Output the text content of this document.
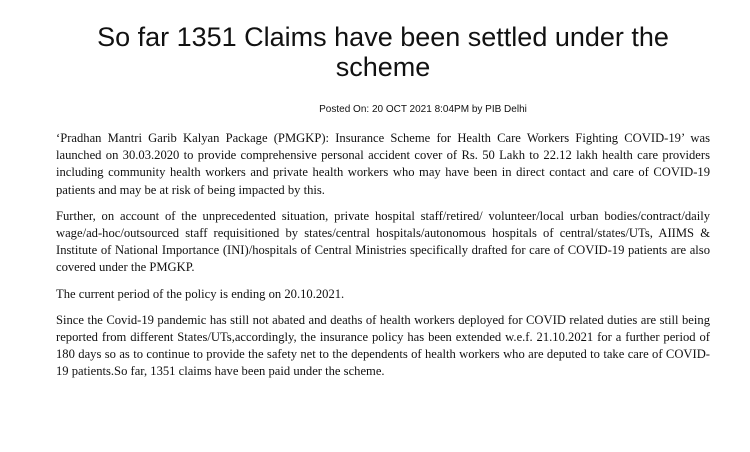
So far 1351 Claims have been settled under the scheme
Posted On: 20 OCT 2021 8:04PM by PIB Delhi

‘Pradhan Mantri Garib Kalyan Package (PMGKP): Insurance Scheme for Health Care Workers Fighting COVID-19’ was launched on 30.03.2020 to provide comprehensive personal accident cover of Rs. 50 Lakh to 22.12 lakh health care providers including community health workers and private health workers who may have been in direct contact and care of COVID-19 patients and may be at risk of being impacted by this.

Further, on account of the unprecedented situation, private hospital staff/retired/ volunteer/local urban bodies/contract/daily wage/ad-hoc/outsourced staff requisitioned by states/central hospitals/autonomous hospitals of central/states/UTs, AIIMS & Institute of National Importance (INI)/hospitals of Central Ministries specifically drafted for care of COVID-19 patients are also covered under the PMGKP.

The current period of the policy is ending on 20.10.2021.

Since the Covid-19 pandemic has still not abated and deaths of health workers deployed for COVID related duties are still being reported from different States/UTs,accordingly, the insurance policy has been extended w.e.f. 21.10.2021 for a further period of 180 days so as to continue to provide the safety net to the dependents of health workers who are deputed to take care of COVID-19 patients.So far, 1351 claims have been paid under the scheme.
